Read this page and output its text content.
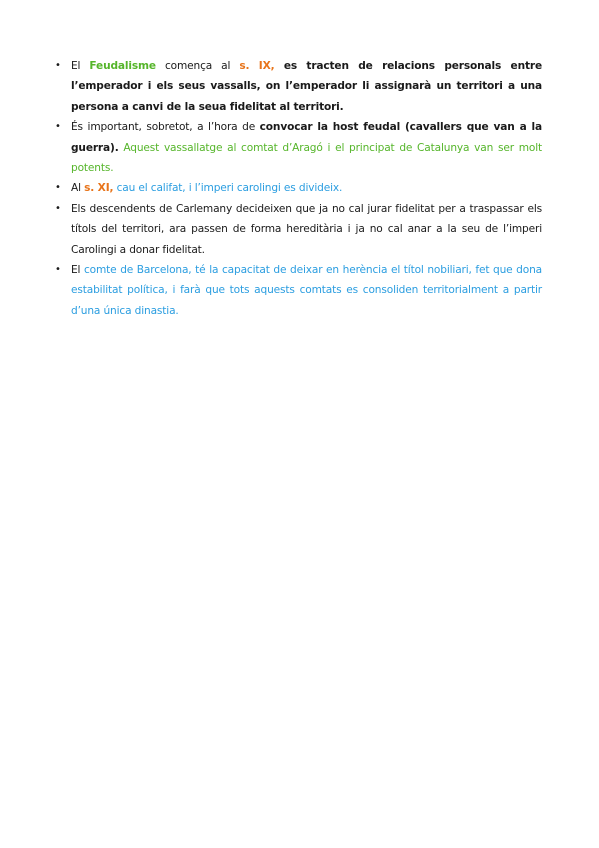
• El Feudalisme comença al s. IX, es tracten de relacions personals entre l’emperador i els seus vassalls, on l’emperador li assignarà un territori a una persona a canvi de la seua fidelitat al territori.
• És important, sobretot, a l’hora de convocar la host feudal (cavallers que van a la guerra). Aquest vassallatge al comtat d’Aragó i el principat de Catalunya van ser molt potents.
• Al s. XI, cau el califat, i l’imperi carolingi es divideix.
• Els descendents de Carlemany decideixen que ja no cal jurar fidelitat per a traspassar els títols del territori, ara passen de forma hereditària i ja no cal anar a la seu de l’imperi Carolingi a donar fidelitat.
• El comte de Barcelona, té la capacitat de deixar en herència el títol nobiliari, fet que dona estabilitat política, i farà que tots aquests comtats es consoliden territorialment a partir d’una única dinastia.
